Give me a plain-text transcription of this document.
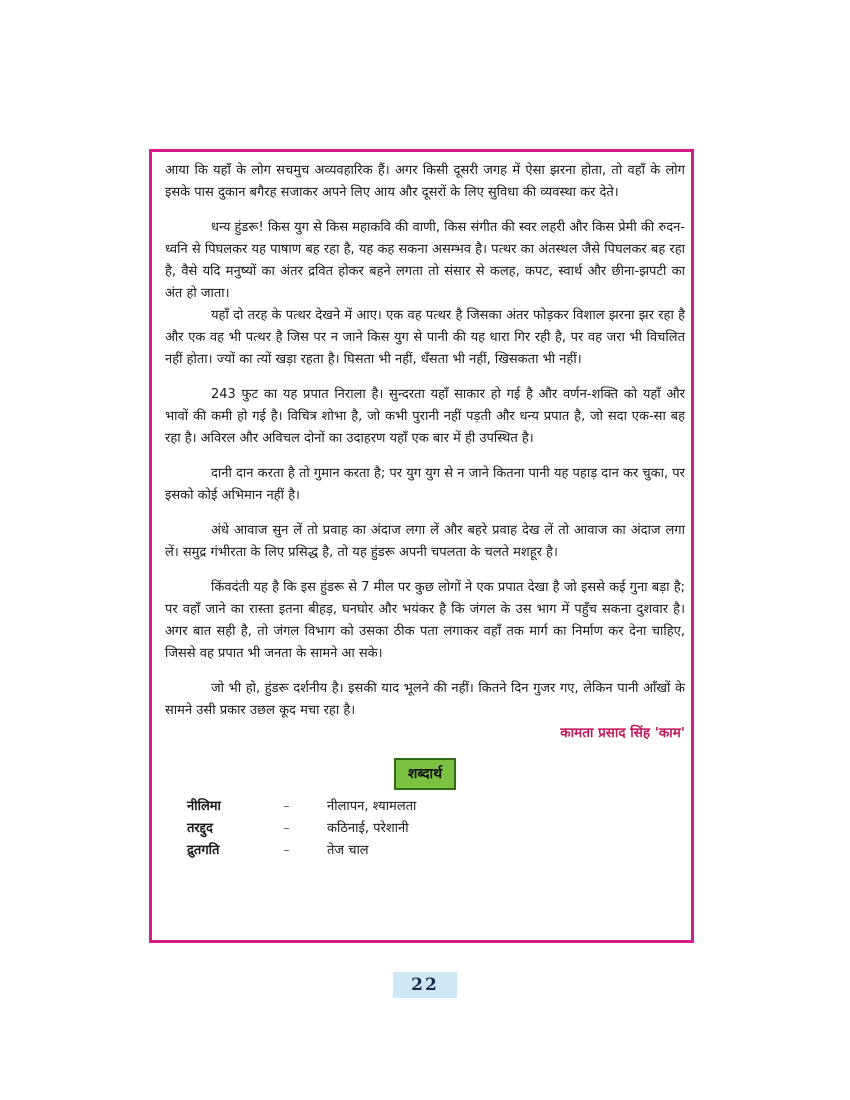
आया कि यहाँ के लोग सचमुच अव्यवहारिक हैं। अगर किसी दूसरी जगह में ऐसा झरना होता, तो वहाँ के लोग इसके पास दुकान बगैरह सजाकर अपने लिए आय और दूसरों के लिए सुविधा की व्यवस्था कर देते।

धन्य हुंडरू! किस युग से किस महाकवि की वाणी, किस संगीत की स्वर लहरी और किस प्रेमी की रुदन-ध्वनि से पिघलकर यह पाषाण बह रहा है, यह कह सकना असम्भव है। पत्थर का अंतस्थल जैसे पिघलकर बह रहा है, वैसे यदि मनुष्यों का अंतर द्रवित होकर बहने लगता तो संसार से कलह, कपट, स्वार्थ और छीना-झपटी का अंत हो जाता।

यहाँ दो तरह के पत्थर देखने में आए। एक वह पत्थर है जिसका अंतर फोड़कर विशाल झरना झर रहा है और एक वह भी पत्थर है जिस पर न जाने किस युग से पानी की यह धारा गिर रही है, पर वह जरा भी विचलित नहीं होता। ज्यों का त्यों खड़ा रहता है। घिसता भी नहीं, धँसता भी नहीं, खिसकता भी नहीं।

243 फुट का यह प्रपात निराला है। सुन्दरता यहाँ साकार हो गई है और वर्णन-शक्ति को यहाँ और भावों की कमी हो गई है। विचित्र शोभा है, जो कभी पुरानी नहीं पड़ती और धन्य प्रपात है, जो सदा एक-सा बह रहा है। अविरल और अविचल दोनों का उदाहरण यहाँ एक बार में ही उपस्थित है।

दानी दान करता है तो गुमान करता है; पर युग युग से न जाने कितना पानी यह पहाड़ दान कर चुका, पर इसको कोई अभिमान नहीं है।

अंधे आवाज सुन लें तो प्रवाह का अंदाज लगा लें और बहरे प्रवाह देख लें तो आवाज का अंदाज लगा लें। समुद्र गंभीरता के लिए प्रसिद्ध है, तो यह हुंडरू अपनी चपलता के चलते मशहूर है।

किंवदंती यह है कि इस हुंडरू से 7 मील पर कुछ लोगों ने एक प्रपात देखा है जो इससे कई गुना बड़ा है; पर वहाँ जाने का रास्ता इतना बीहड़, घनघोर और भयंकर है कि जंगल के उस भाग में पहुँच सकना दुशवार है। अगर बात सही है, तो जंगल विभाग को उसका ठीक पता लगाकर वहाँ तक मार्ग का निर्माण कर देना चाहिए, जिससे वह प्रपात भी जनता के सामने आ सके।

जो भी हो, हुंडरू दर्शनीय है। इसकी याद भूलने की नहीं। कितने दिन गुजर गए, लेकिन पानी आँखों के सामने उसी प्रकार उछल कूद मचा रहा है।

कामता प्रसाद सिंह 'काम'
शब्दार्थ
नीलिमा	–	नीलापन, श्यामलता
तरद्दुद	–	कठिनाई, परेशानी
द्रुतगति	–	तेज चाल
22
